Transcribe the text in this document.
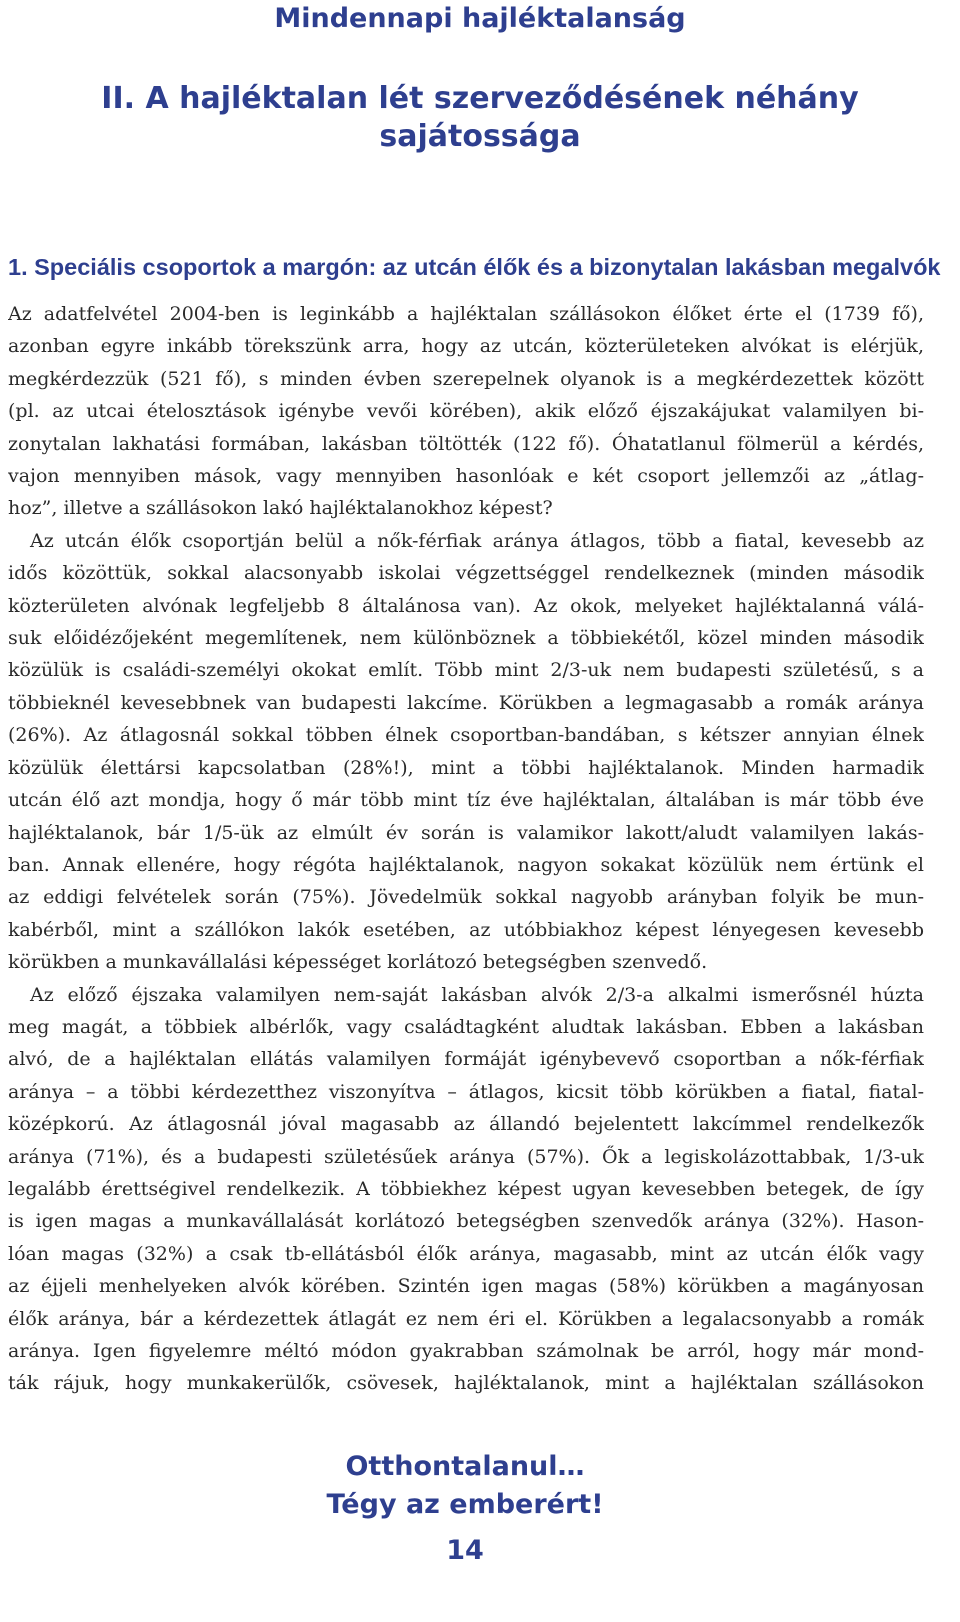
Mindennapi hajléktalanság
II. A hajléktalan lét szerveződésének néhány
sajátossága
1. Speciális csoportok a margón: az utcán élők és a bizonytalan lakásban megalvók
Az adatfelvétel 2004-ben is leginkább a hajléktalan szállásokon élőket érte el (1739 fő),
azonban egyre inkább törekszünk arra, hogy az utcán, közterületeken alvókat is elérjük,
megkérdezzük (521 fő), s minden évben szerepelnek olyanok is a megkérdezettek között
(pl. az utcai ételosztások igénybe vevői körében), akik előző éjszakájukat valamilyen bi-
zonytalan lakhatási formában, lakásban töltötték (122 fő). Óhatatlanul fölmerül a kérdés,
vajon mennyiben mások, vagy mennyiben hasonlóak e két csoport jellemzői az „átlag-
hoz”, illetve a szállásokon lakó hajléktalanokhoz képest?
Az utcán élők csoportján belül a nők-férfiak aránya átlagos, több a fiatal, kevesebb az
idős közöttük, sokkal alacsonyabb iskolai végzettséggel rendelkeznek (minden második
közterületen alvónak legfeljebb 8 általánosa van). Az okok, melyeket hajléktalanná válá-
suk előidézőjeként megemlítenek, nem különböznek a többiekétől, közel minden második
közülük is családi-személyi okokat említ. Több mint 2/3-uk nem budapesti születésű, s a
többieknél kevesebbnek van budapesti lakcíme. Körükben a legmagasabb a romák aránya
(26%). Az átlagosnál sokkal többen élnek csoportban-bandában, s kétszer annyian élnek
közülük élettársi kapcsolatban (28%!), mint a többi hajléktalanok. Minden harmadik
utcán élő azt mondja, hogy ő már több mint tíz éve hajléktalan, általában is már több éve
hajléktalanok, bár 1/5-ük az elmúlt év során is valamikor lakott/aludt valamilyen lakás-
ban. Annak ellenére, hogy régóta hajléktalanok, nagyon sokakat közülük nem értünk el
az eddigi felvételek során (75%). Jövedelmük sokkal nagyobb arányban folyik be mun-
kabérből, mint a szállókon lakók esetében, az utóbbiakhoz képest lényegesen kevesebb
körükben a munkavállalási képességet korlátozó betegségben szenvedő.
Az előző éjszaka valamilyen nem-saját lakásban alvók 2/3-a alkalmi ismerősnél húzta
meg magát, a többiek albérlők, vagy családtagként aludtak lakásban. Ebben a lakásban
alvó, de a hajléktalan ellátás valamilyen formáját igénybevevő csoportban a nők-férfiak
aránya – a többi kérdezetthez viszonyítva – átlagos, kicsit több körükben a fiatal, fiatal-
középkorú. Az átlagosnál jóval magasabb az állandó bejelentett lakcímmel rendelkezők
aránya (71%), és a budapesti születésűek aránya (57%). Ők a legiskolázottabbak, 1/3-uk
legalább érettségivel rendelkezik. A többiekhez képest ugyan kevesebben betegek, de így
is igen magas a munkavállalását korlátozó betegségben szenvedők aránya (32%). Hason-
lóan magas (32%) a csak tb-ellátásból élők aránya, magasabb, mint az utcán élők vagy
az éjjeli menhelyeken alvók körében. Szintén igen magas (58%) körükben a magányosan
élők aránya, bár a kérdezettek átlagát ez nem éri el. Körükben a legalacsonyabb a romák
aránya. Igen figyelemre méltó módon gyakrabban számolnak be arról, hogy már mond-
ták rájuk, hogy munkakerülők, csövesek, hajléktalanok, mint a hajléktalan szállásokon
Otthontalanul…
Tégy az emberért!
14
